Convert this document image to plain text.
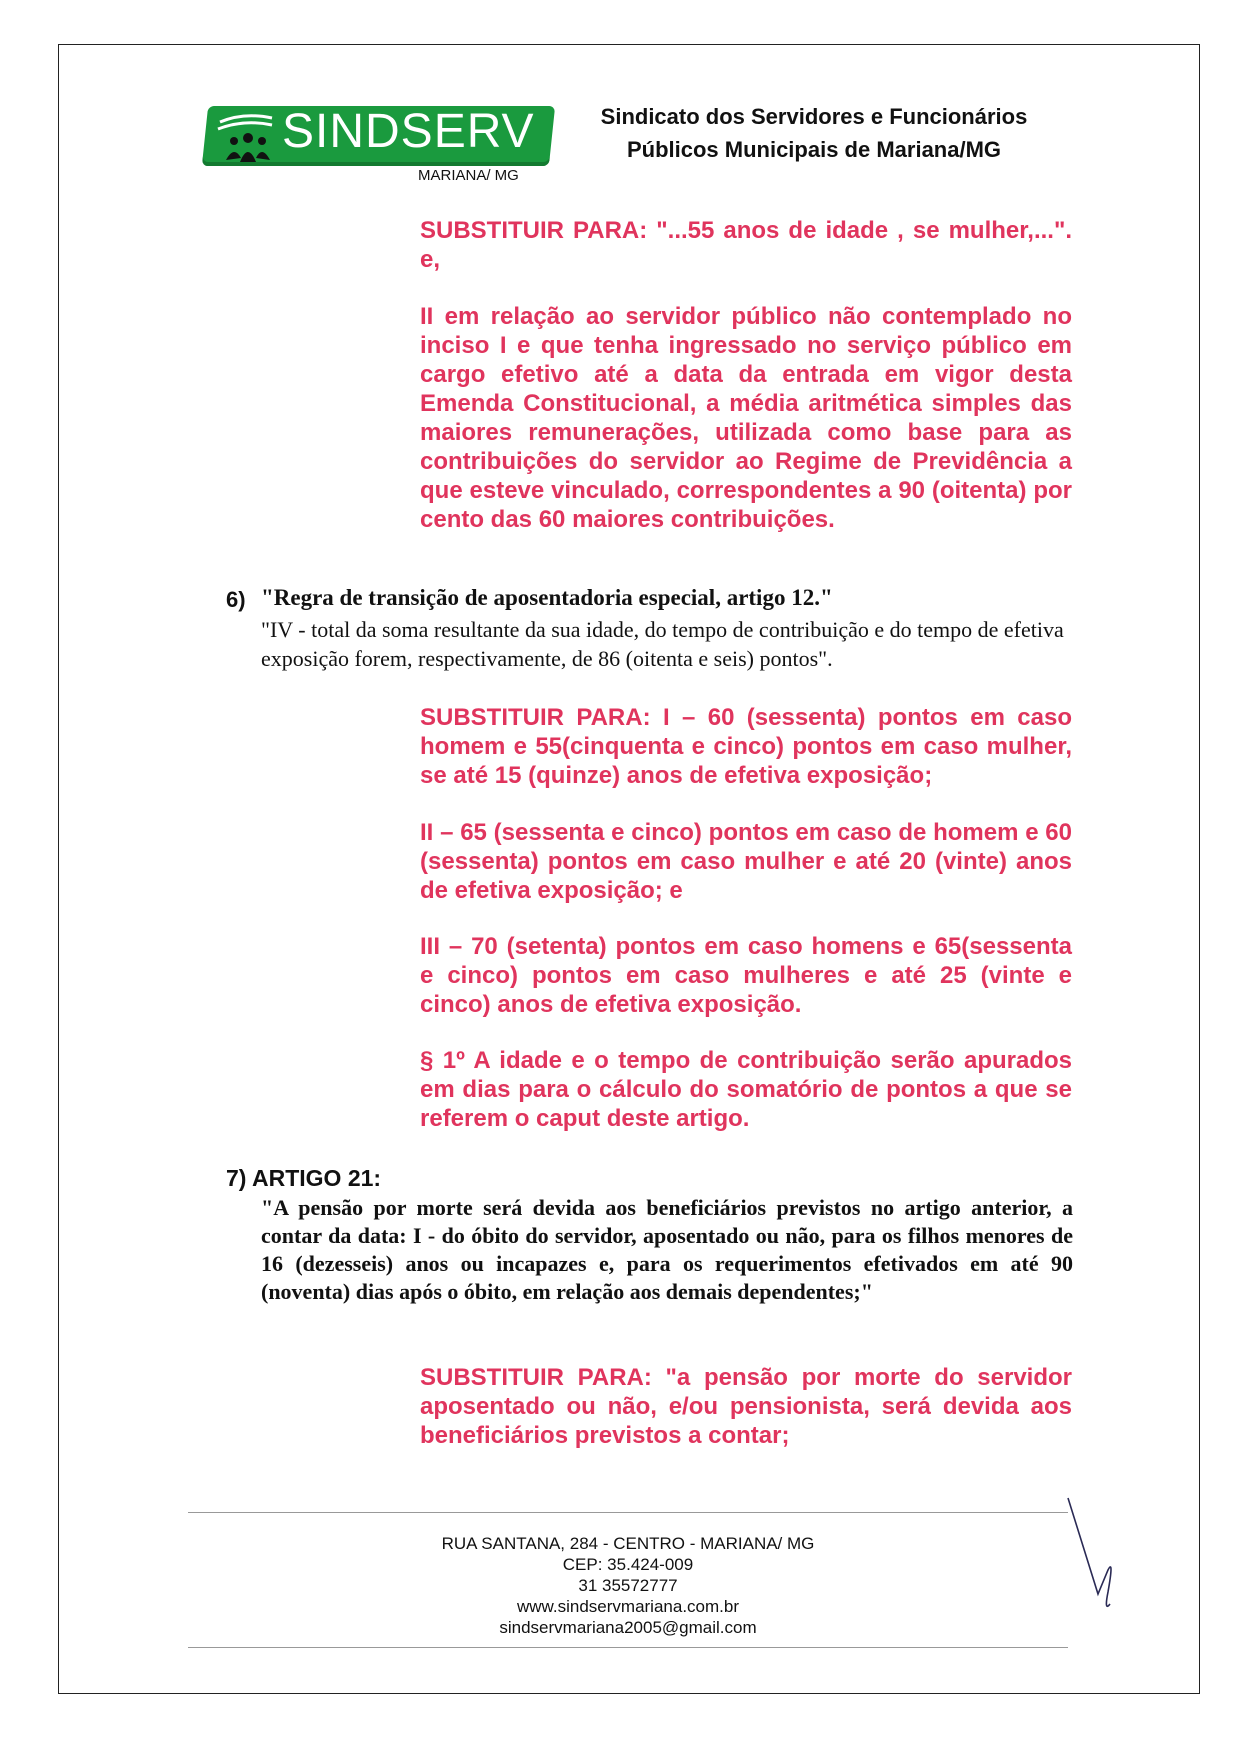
SINDSERV
MARIANA/ MG
Sindicato dos Servidores e Funcionários
Públicos Municipais de Mariana/MG
SUBSTITUIR PARA: "...55 anos de idade , se mulher,...". e,
II em relação ao servidor público não contemplado no inciso I e que tenha ingressado no serviço público em cargo efetivo até a data da entrada em vigor desta Emenda Constitucional, a média aritmética simples das maiores remunerações, utilizada como base para as contribuições do servidor ao Regime de Previdência a que esteve vinculado, correspondentes a 90 (oitenta) por cento das 60 maiores contribuições.
6) "Regra de transição de aposentadoria especial, artigo 12."
"IV - total da soma resultante da sua idade, do tempo de contribuição e do tempo de efetiva exposição forem, respectivamente, de 86 (oitenta e seis) pontos".
SUBSTITUIR PARA: I – 60 (sessenta) pontos em caso homem e 55(cinquenta e cinco) pontos em caso mulher, se até 15 (quinze) anos de efetiva exposição;
II – 65 (sessenta e cinco) pontos em caso de homem e 60 (sessenta) pontos em caso mulher e até 20 (vinte) anos de efetiva exposição; e
III – 70 (setenta) pontos em caso homens e 65(sessenta e cinco) pontos em caso mulheres e até 25 (vinte e cinco) anos de efetiva exposição.
§ 1º A idade e o tempo de contribuição serão apurados em dias para o cálculo do somatório de pontos a que se referem o caput deste artigo.
7) ARTIGO 21:
"A pensão por morte será devida aos beneficiários previstos no artigo anterior, a contar da data: I - do óbito do servidor, aposentado ou não, para os filhos menores de 16 (dezesseis) anos ou incapazes e, para os requerimentos efetivados em até 90 (noventa) dias após o óbito, em relação aos demais dependentes;"
SUBSTITUIR PARA: "a pensão por morte do servidor aposentado ou não, e/ou pensionista, será devida aos beneficiários previstos a contar;
RUA SANTANA, 284 - CENTRO - MARIANA/ MG
CEP: 35.424-009
31 35572777
www.sindservmariana.com.br
sindservmariana2005@gmail.com
